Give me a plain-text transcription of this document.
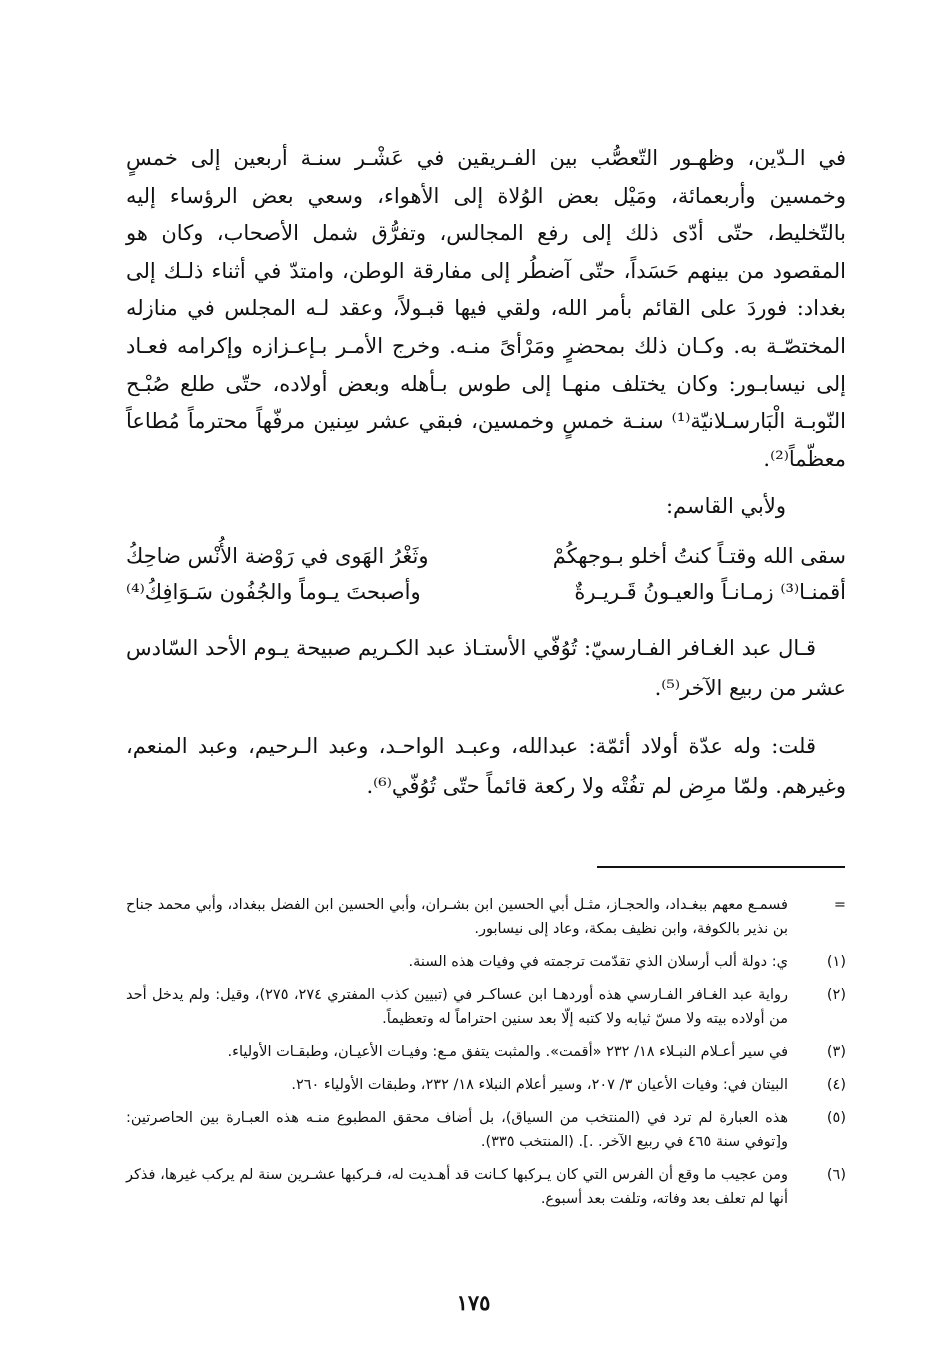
في الـدّين، وظهـور التّعصُّب بين الفـريقين في عَشْـر سنـة أربعين إلى خمسٍ وخمسين وأربعمائة، ومَيْل بعض الوُلاة إلى الأهواء، وسعي بعض الرؤساء إليه بالتّخليط، حتّى أدّى ذلك إلى رفع المجالس، وتفرُّق شمل الأصحاب، وكان هو المقصود من بينهم حَسَداً، حتّى آضطُر إلى مفارقة الوطن، وامتدّ في أثناء ذلـك إلى بغداد: فوردَ على القائم بأمر الله، ولقي فيها قبـولاً، وعقد لـه المجلس في منازله المختصّـة به. وكـان ذلك بمحضرٍ ومَرْأىً منـه. وخرج الأمـر بـإعـزازه وإكرامه فعـاد إلى نيسابـور: وكان يختلف منهـا إلى طوس بـأهله وبعض أولاده، حتّى طلع صُبْـح النّوبـة الْبَارسـلانيّة⁽¹⁾ سنـة خمسٍ وخمسين، فبقي عشر سِنين مرفّهاً محترماً مُطاعاً معظّماً⁽²⁾.

ولأبي القاسم:

سقى الله وقتـاً كنتُ أخلو بـوجهكُمْ
وثَغْرُ الهَوى في رَوْضة الأُنْس ضاحِكُ
أقمنـا⁽³⁾ زمـانـاً والعيـونُ قَـريـرةٌ
وأصبحتَ يـوماً والجُفُون سَـوَافِكُ⁽⁴⁾

قـال عبد الغـافر الفـارسيّ: تُوُفّي الأستـاذ عبد الكـريم صبيحة يـوم الأحد السّادس عشر من ربيع الآخر⁽⁵⁾.

قلت: وله عدّة أولاد أئمّة: عبدالله، وعبـد الواحـد، وعبد الـرحيم، وعبد المنعم، وغيرهم. ولمّا مرِض لم تفُتْه ولا ركعة قائماً حتّى تُوُفّي⁽⁶⁾.

=
فسمـع معهم ببغـداد، والحجـاز، مثـل أبي الحسين ابن بشـران، وأبي الحسين ابن الفضل ببغداد، وأبي محمد جناح بن نذير بالكوفة، وابن نظيف بمكة، وعاد إلى نيسابور.
(١)
ي: دولة ألب أرسلان الذي تقدّمت ترجمته في وفيات هذه السنة.
(٢)
رواية عبد الغـافر الفـارسي هذه أوردهـا ابن عساكـر في (تبيين كذب المفتري ٢٧٤، ٢٧٥)، وقيل: ولم يدخل أحد من أولاده بيته ولا مسّ ثيابه ولا كتبه إلّا بعد سنين احتراماً له وتعظيماً.
(٣)
في سير أعـلام النبـلاء ١٨/ ٢٣٢ «أقمت». والمثبت يتفق مـع: وفيـات الأعيـان، وطبقـات الأولياء.
(٤)
البيتان في: وفيات الأعيان ٣/ ٢٠٧، وسير أعلام النبلاء ١٨/ ٢٣٢، وطبقات الأولياء ٢٦٠.
(٥)
هذه العبارة لم ترد في (المنتخب من السياق)، بل أضاف محقق المطبوع منـه هذه العبـارة بين الحاصرتين: و[توفي سنة ٤٦٥ في ربيع الآخر. .]. (المنتخب ٣٣٥).
(٦)
ومن عجيب ما وقع أن الفرس التي كان يـركبها كـانت قد أهـديت له، فـركبها عشـرين سنة لم يركب غيرها، فذكر أنها لم تعلف بعد وفاته، وتلفت بعد أسبوع.
١٧٥
